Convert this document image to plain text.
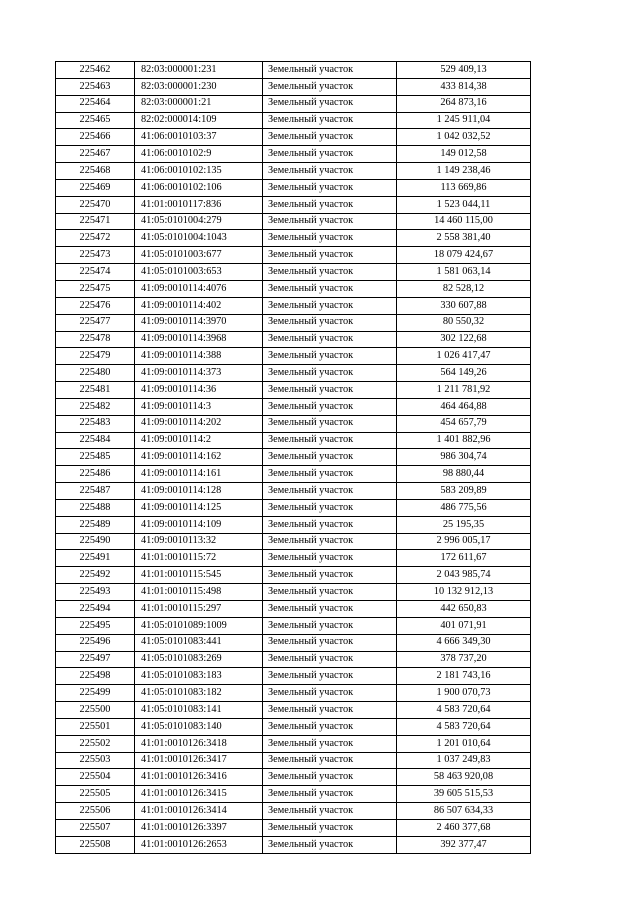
225462	82:03:000001:231	Земельный участок	529 409,13
225463	82:03:000001:230	Земельный участок	433 814,38
225464	82:03:000001:21	Земельный участок	264 873,16
225465	82:02:000014:109	Земельный участок	1 245 911,04
225466	41:06:0010103:37	Земельный участок	1 042 032,52
225467	41:06:0010102:9	Земельный участок	149 012,58
225468	41:06:0010102:135	Земельный участок	1 149 238,46
225469	41:06:0010102:106	Земельный участок	113 669,86
225470	41:01:0010117:836	Земельный участок	1 523 044,11
225471	41:05:0101004:279	Земельный участок	14 460 115,00
225472	41:05:0101004:1043	Земельный участок	2 558 381,40
225473	41:05:0101003:677	Земельный участок	18 079 424,67
225474	41:05:0101003:653	Земельный участок	1 581 063,14
225475	41:09:0010114:4076	Земельный участок	82 528,12
225476	41:09:0010114:402	Земельный участок	330 607,88
225477	41:09:0010114:3970	Земельный участок	80 550,32
225478	41:09:0010114:3968	Земельный участок	302 122,68
225479	41:09:0010114:388	Земельный участок	1 026 417,47
225480	41:09:0010114:373	Земельный участок	564 149,26
225481	41:09:0010114:36	Земельный участок	1 211 781,92
225482	41:09:0010114:3	Земельный участок	464 464,88
225483	41:09:0010114:202	Земельный участок	454 657,79
225484	41:09:0010114:2	Земельный участок	1 401 882,96
225485	41:09:0010114:162	Земельный участок	986 304,74
225486	41:09:0010114:161	Земельный участок	98 880,44
225487	41:09:0010114:128	Земельный участок	583 209,89
225488	41:09:0010114:125	Земельный участок	486 775,56
225489	41:09:0010114:109	Земельный участок	25 195,35
225490	41:09:0010113:32	Земельный участок	2 996 005,17
225491	41:01:0010115:72	Земельный участок	172 611,67
225492	41:01:0010115:545	Земельный участок	2 043 985,74
225493	41:01:0010115:498	Земельный участок	10 132 912,13
225494	41:01:0010115:297	Земельный участок	442 650,83
225495	41:05:0101089:1009	Земельный участок	401 071,91
225496	41:05:0101083:441	Земельный участок	4 666 349,30
225497	41:05:0101083:269	Земельный участок	378 737,20
225498	41:05:0101083:183	Земельный участок	2 181 743,16
225499	41:05:0101083:182	Земельный участок	1 900 070,73
225500	41:05:0101083:141	Земельный участок	4 583 720,64
225501	41:05:0101083:140	Земельный участок	4 583 720,64
225502	41:01:0010126:3418	Земельный участок	1 201 010,64
225503	41:01:0010126:3417	Земельный участок	1 037 249,83
225504	41:01:0010126:3416	Земельный участок	58 463 920,08
225505	41:01:0010126:3415	Земельный участок	39 605 515,53
225506	41:01:0010126:3414	Земельный участок	86 507 634,33
225507	41:01:0010126:3397	Земельный участок	2 460 377,68
225508	41:01:0010126:2653	Земельный участок	392 377,47
